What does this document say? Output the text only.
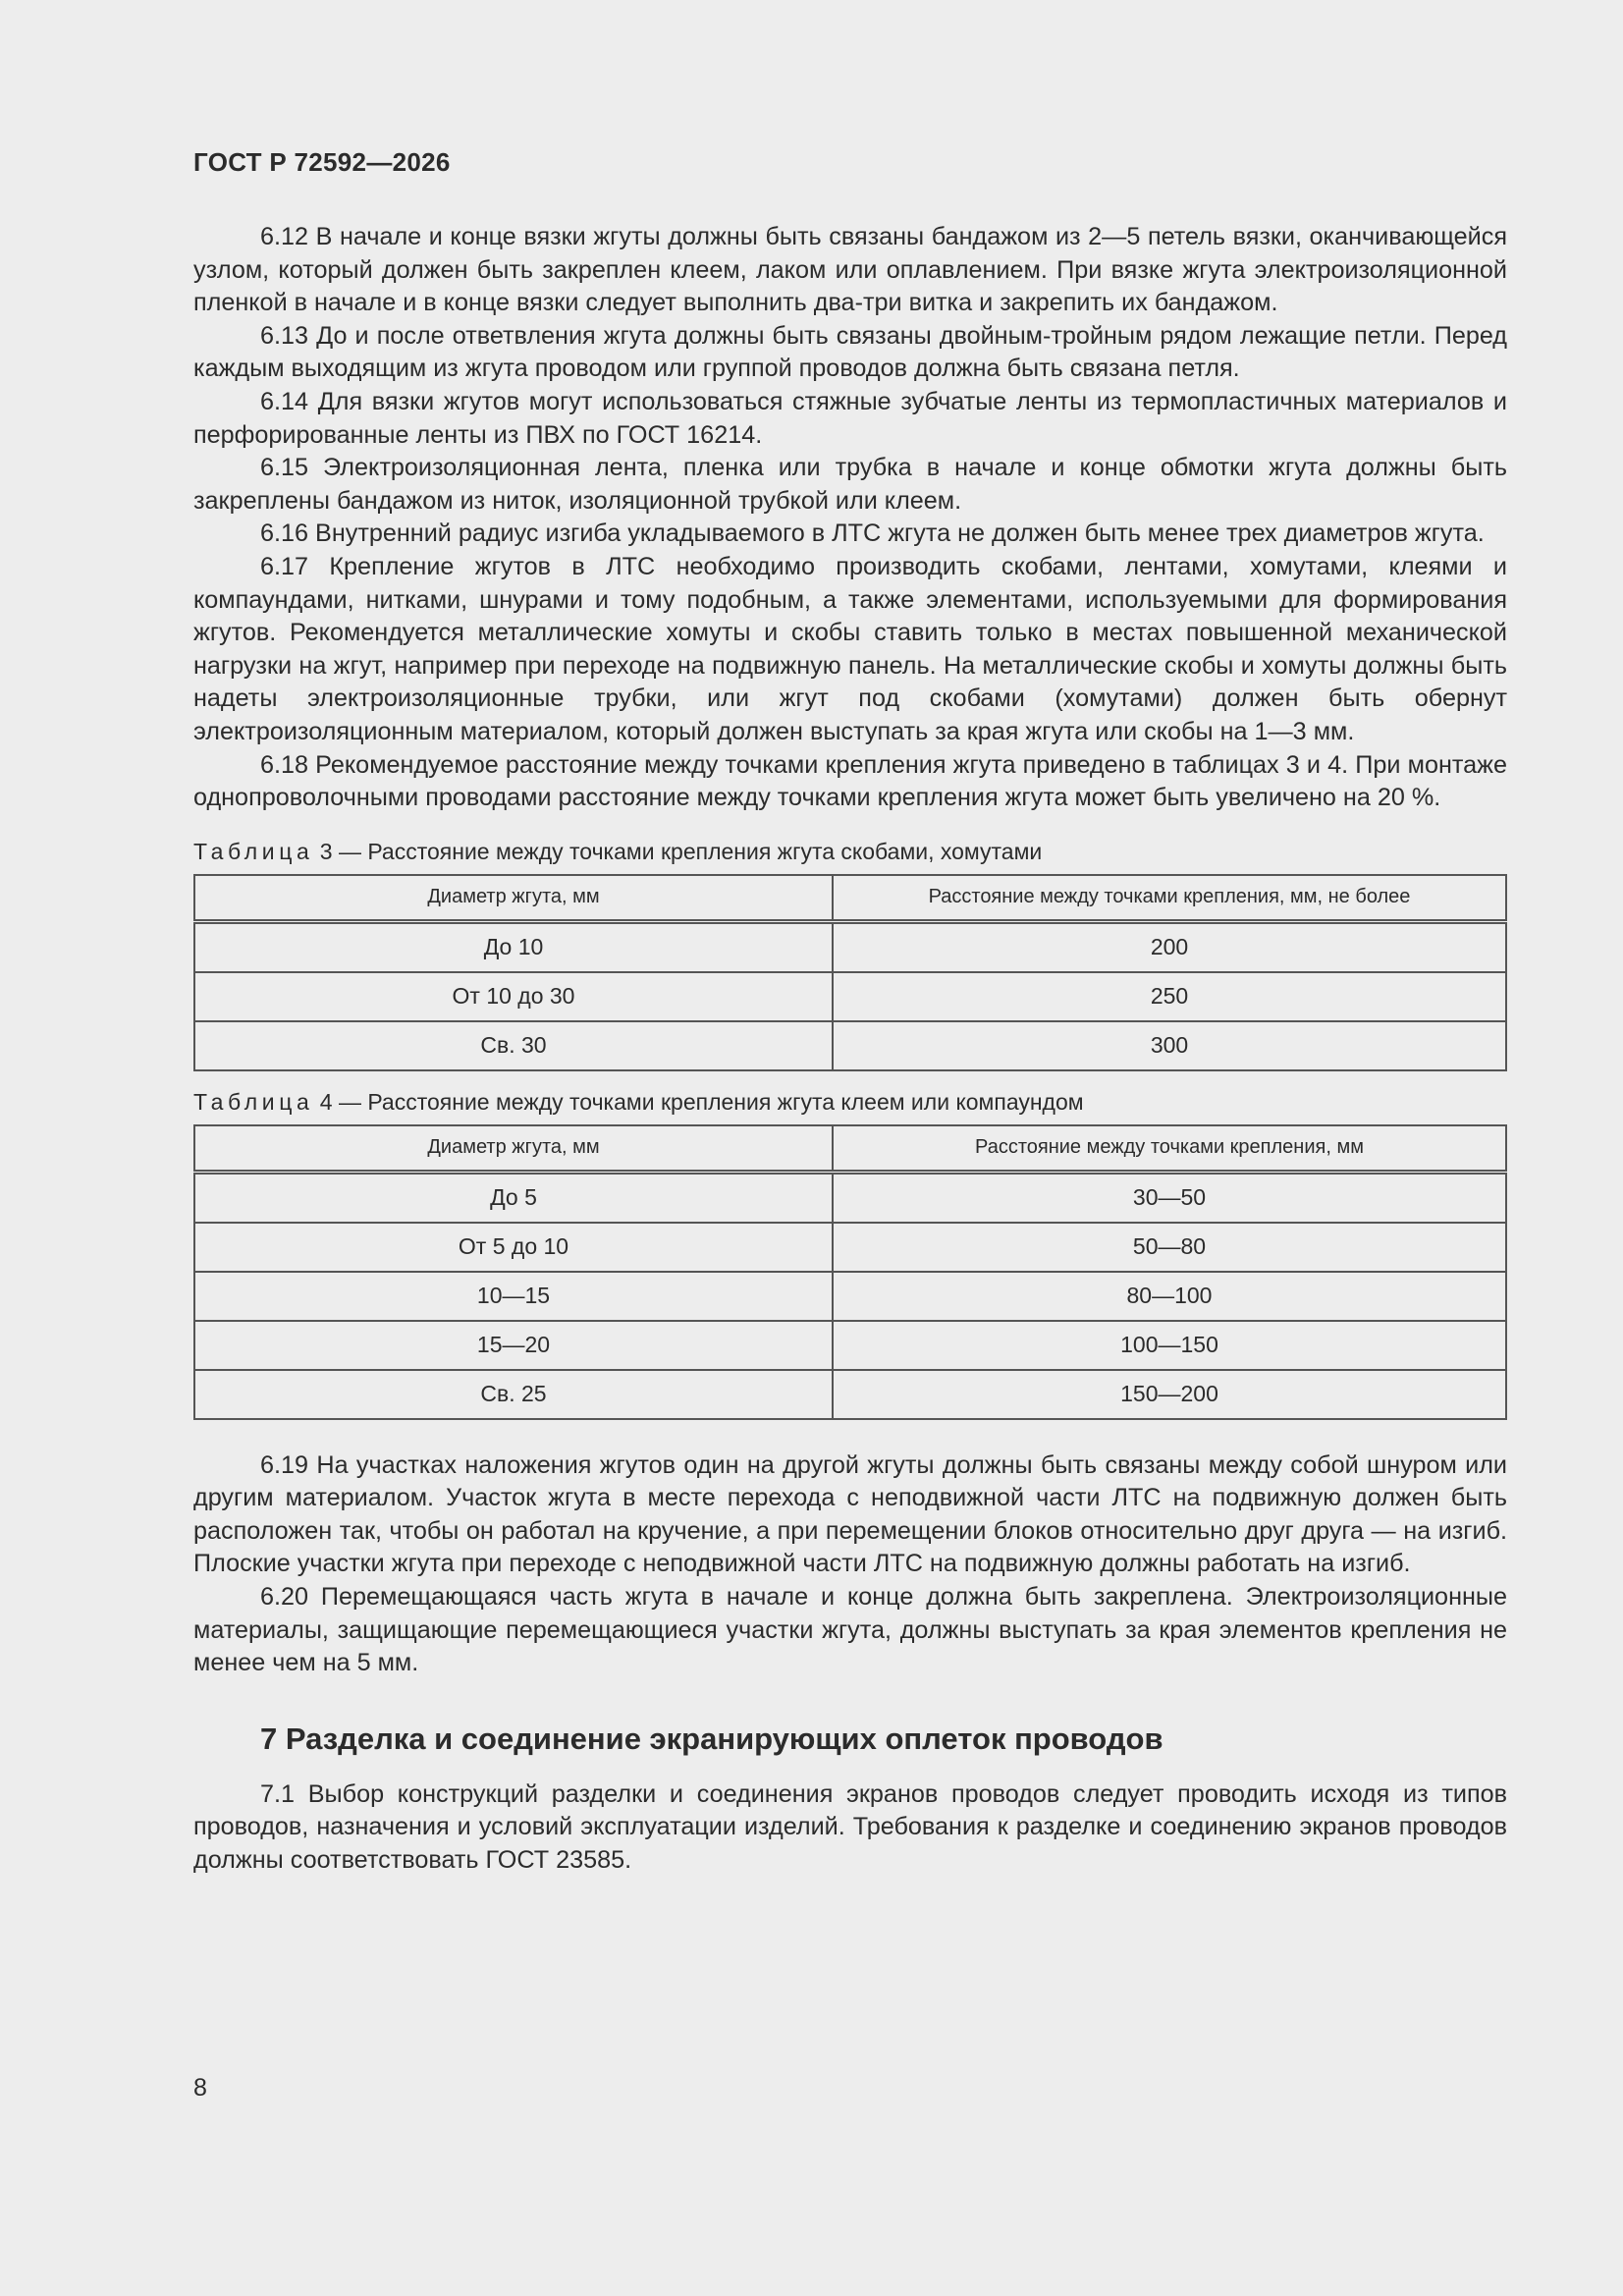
ГОСТ Р 72592—2026

6.12 В начале и конце вязки жгуты должны быть связаны бандажом из 2—5 петель вязки, оканчивающейся узлом, который должен быть закреплен клеем, лаком или оплавлением. При вязке жгута электроизоляционной пленкой в начале и в конце вязки следует выполнить два-три витка и закрепить их бандажом.

6.13 До и после ответвления жгута должны быть связаны двойным-тройным рядом лежащие петли. Перед каждым выходящим из жгута проводом или группой проводов должна быть связана петля.

6.14 Для вязки жгутов могут использоваться стяжные зубчатые ленты из термопластичных материалов и перфорированные ленты из ПВХ по ГОСТ 16214.

6.15 Электроизоляционная лента, пленка или трубка в начале и конце обмотки жгута должны быть закреплены бандажом из ниток, изоляционной трубкой или клеем.

6.16 Внутренний радиус изгиба укладываемого в ЛТС жгута не должен быть менее трех диаметров жгута.

6.17 Крепление жгутов в ЛТС необходимо производить скобами, лентами, хомутами, клеями и компаундами, нитками, шнурами и тому подобным, а также элементами, используемыми для формирования жгутов. Рекомендуется металлические хомуты и скобы ставить только в местах повышенной механической нагрузки на жгут, например при переходе на подвижную панель. На металлические скобы и хомуты должны быть надеты электроизоляционные трубки, или жгут под скобами (хомутами) должен быть обернут электроизоляционным материалом, который должен выступать за края жгута или скобы на 1—3 мм.

6.18 Рекомендуемое расстояние между точками крепления жгута приведено в таблицах 3 и 4. При монтаже однопроволочными проводами расстояние между точками крепления жгута может быть увеличено на 20 %.

Таблица 3 — Расстояние между точками крепления жгута скобами, хомутами

Диаметр жгута, мм	Расстояние между точками крепления, мм, не более
До 10	200
От 10 до 30	250
Св. 30	300

Таблица 4 — Расстояние между точками крепления жгута клеем или компаундом

Диаметр жгута, мм	Расстояние между точками крепления, мм
До 5	30—50
От 5 до 10	50—80
10—15	80—100
15—20	100—150
Св. 25	150—200

6.19 На участках наложения жгутов один на другой жгуты должны быть связаны между собой шнуром или другим материалом. Участок жгута в месте перехода с неподвижной части ЛТС на подвижную должен быть расположен так, чтобы он работал на кручение, а при перемещении блоков относительно друг друга — на изгиб. Плоские участки жгута при переходе с неподвижной части ЛТС на подвижную должны работать на изгиб.

6.20 Перемещающаяся часть жгута в начале и конце должна быть закреплена. Электроизоляционные материалы, защищающие перемещающиеся участки жгута, должны выступать за края элементов крепления не менее чем на 5 мм.

7 Разделка и соединение экранирующих оплеток проводов

7.1 Выбор конструкций разделки и соединения экранов проводов следует проводить исходя из типов проводов, назначения и условий эксплуатации изделий. Требования к разделке и соединению экранов проводов должны соответствовать ГОСТ 23585.

8
